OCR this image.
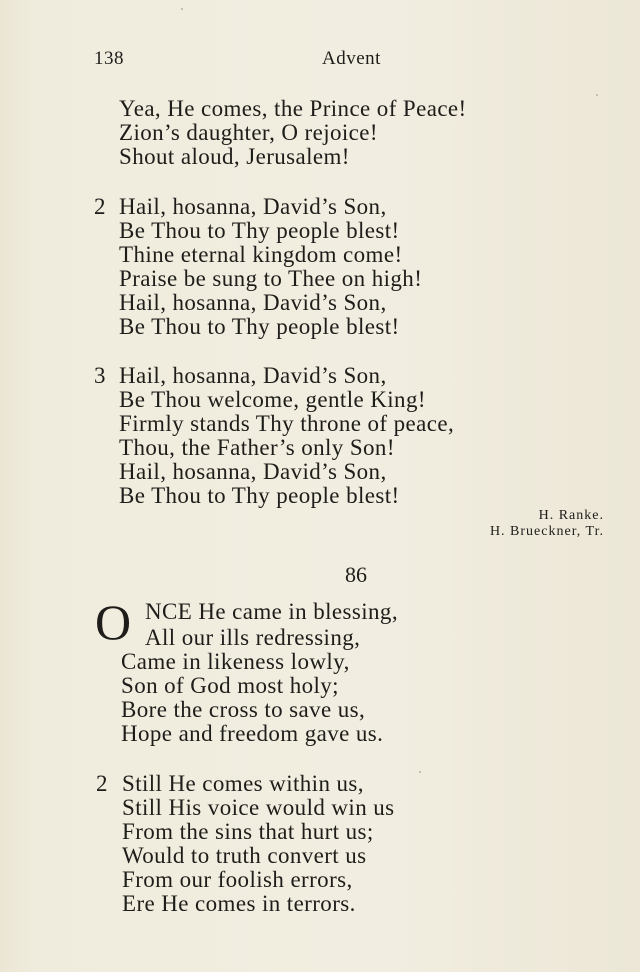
138	Advent
Yea, He comes, the Prince of Peace!
Zion’s daughter, O rejoice!
Shout aloud, Jerusalem!
2 Hail, hosanna, David’s Son,
Be Thou to Thy people blest!
Thine eternal kingdom come!
Praise be sung to Thee on high!
Hail, hosanna, David’s Son,
Be Thou to Thy people blest!
3 Hail, hosanna, David’s Son,
Be Thou welcome, gentle King!
Firmly stands Thy throne of peace,
Thou, the Father’s only Son!
Hail, hosanna, David’s Son,
Be Thou to Thy people blest!
H. Ranke.
H. Brueckner, Tr.
86
O NCE He came in blessing,
All our ills redressing,
Came in likeness lowly,
Son of God most holy;
Bore the cross to save us,
Hope and freedom gave us.
2 Still He comes within us,
Still His voice would win us
From the sins that hurt us;
Would to truth convert us
From our foolish errors,
Ere He comes in terrors.
